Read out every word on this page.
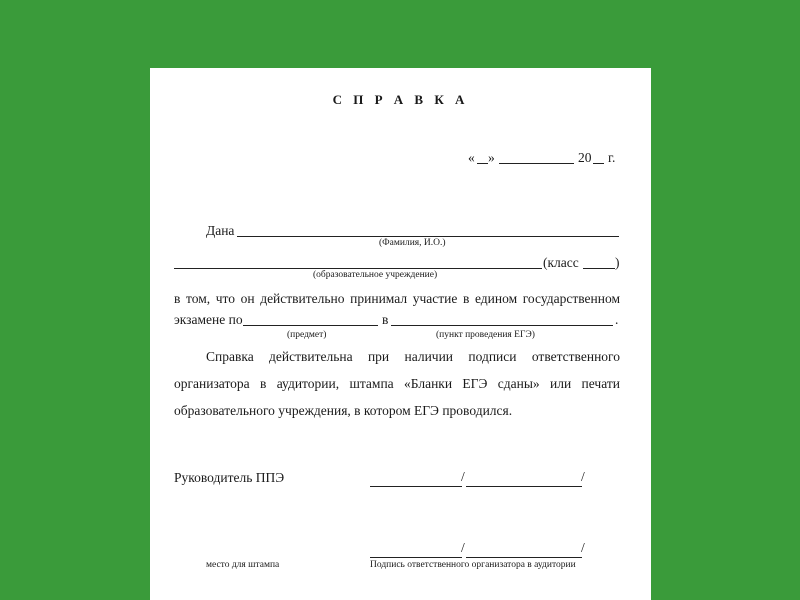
С П Р А В К А
« »	20 г.
Дана
(Фамилия, И.О.)
(класс	)
(образовательное учреждение)
в том, что он действительно принимал участие в едином государственном
экзамене по	в	.
(предмет)	(пункт проведения ЕГЭ)
Справка действительна при наличии подписи ответственного
организатора в аудитории, штампа «Бланки ЕГЭ сданы» или печати
образовательного учреждения, в котором ЕГЭ проводился.
Руководитель ППЭ	/	/
/	/
место для штампа	Подпись ответственного организатора в аудитории
